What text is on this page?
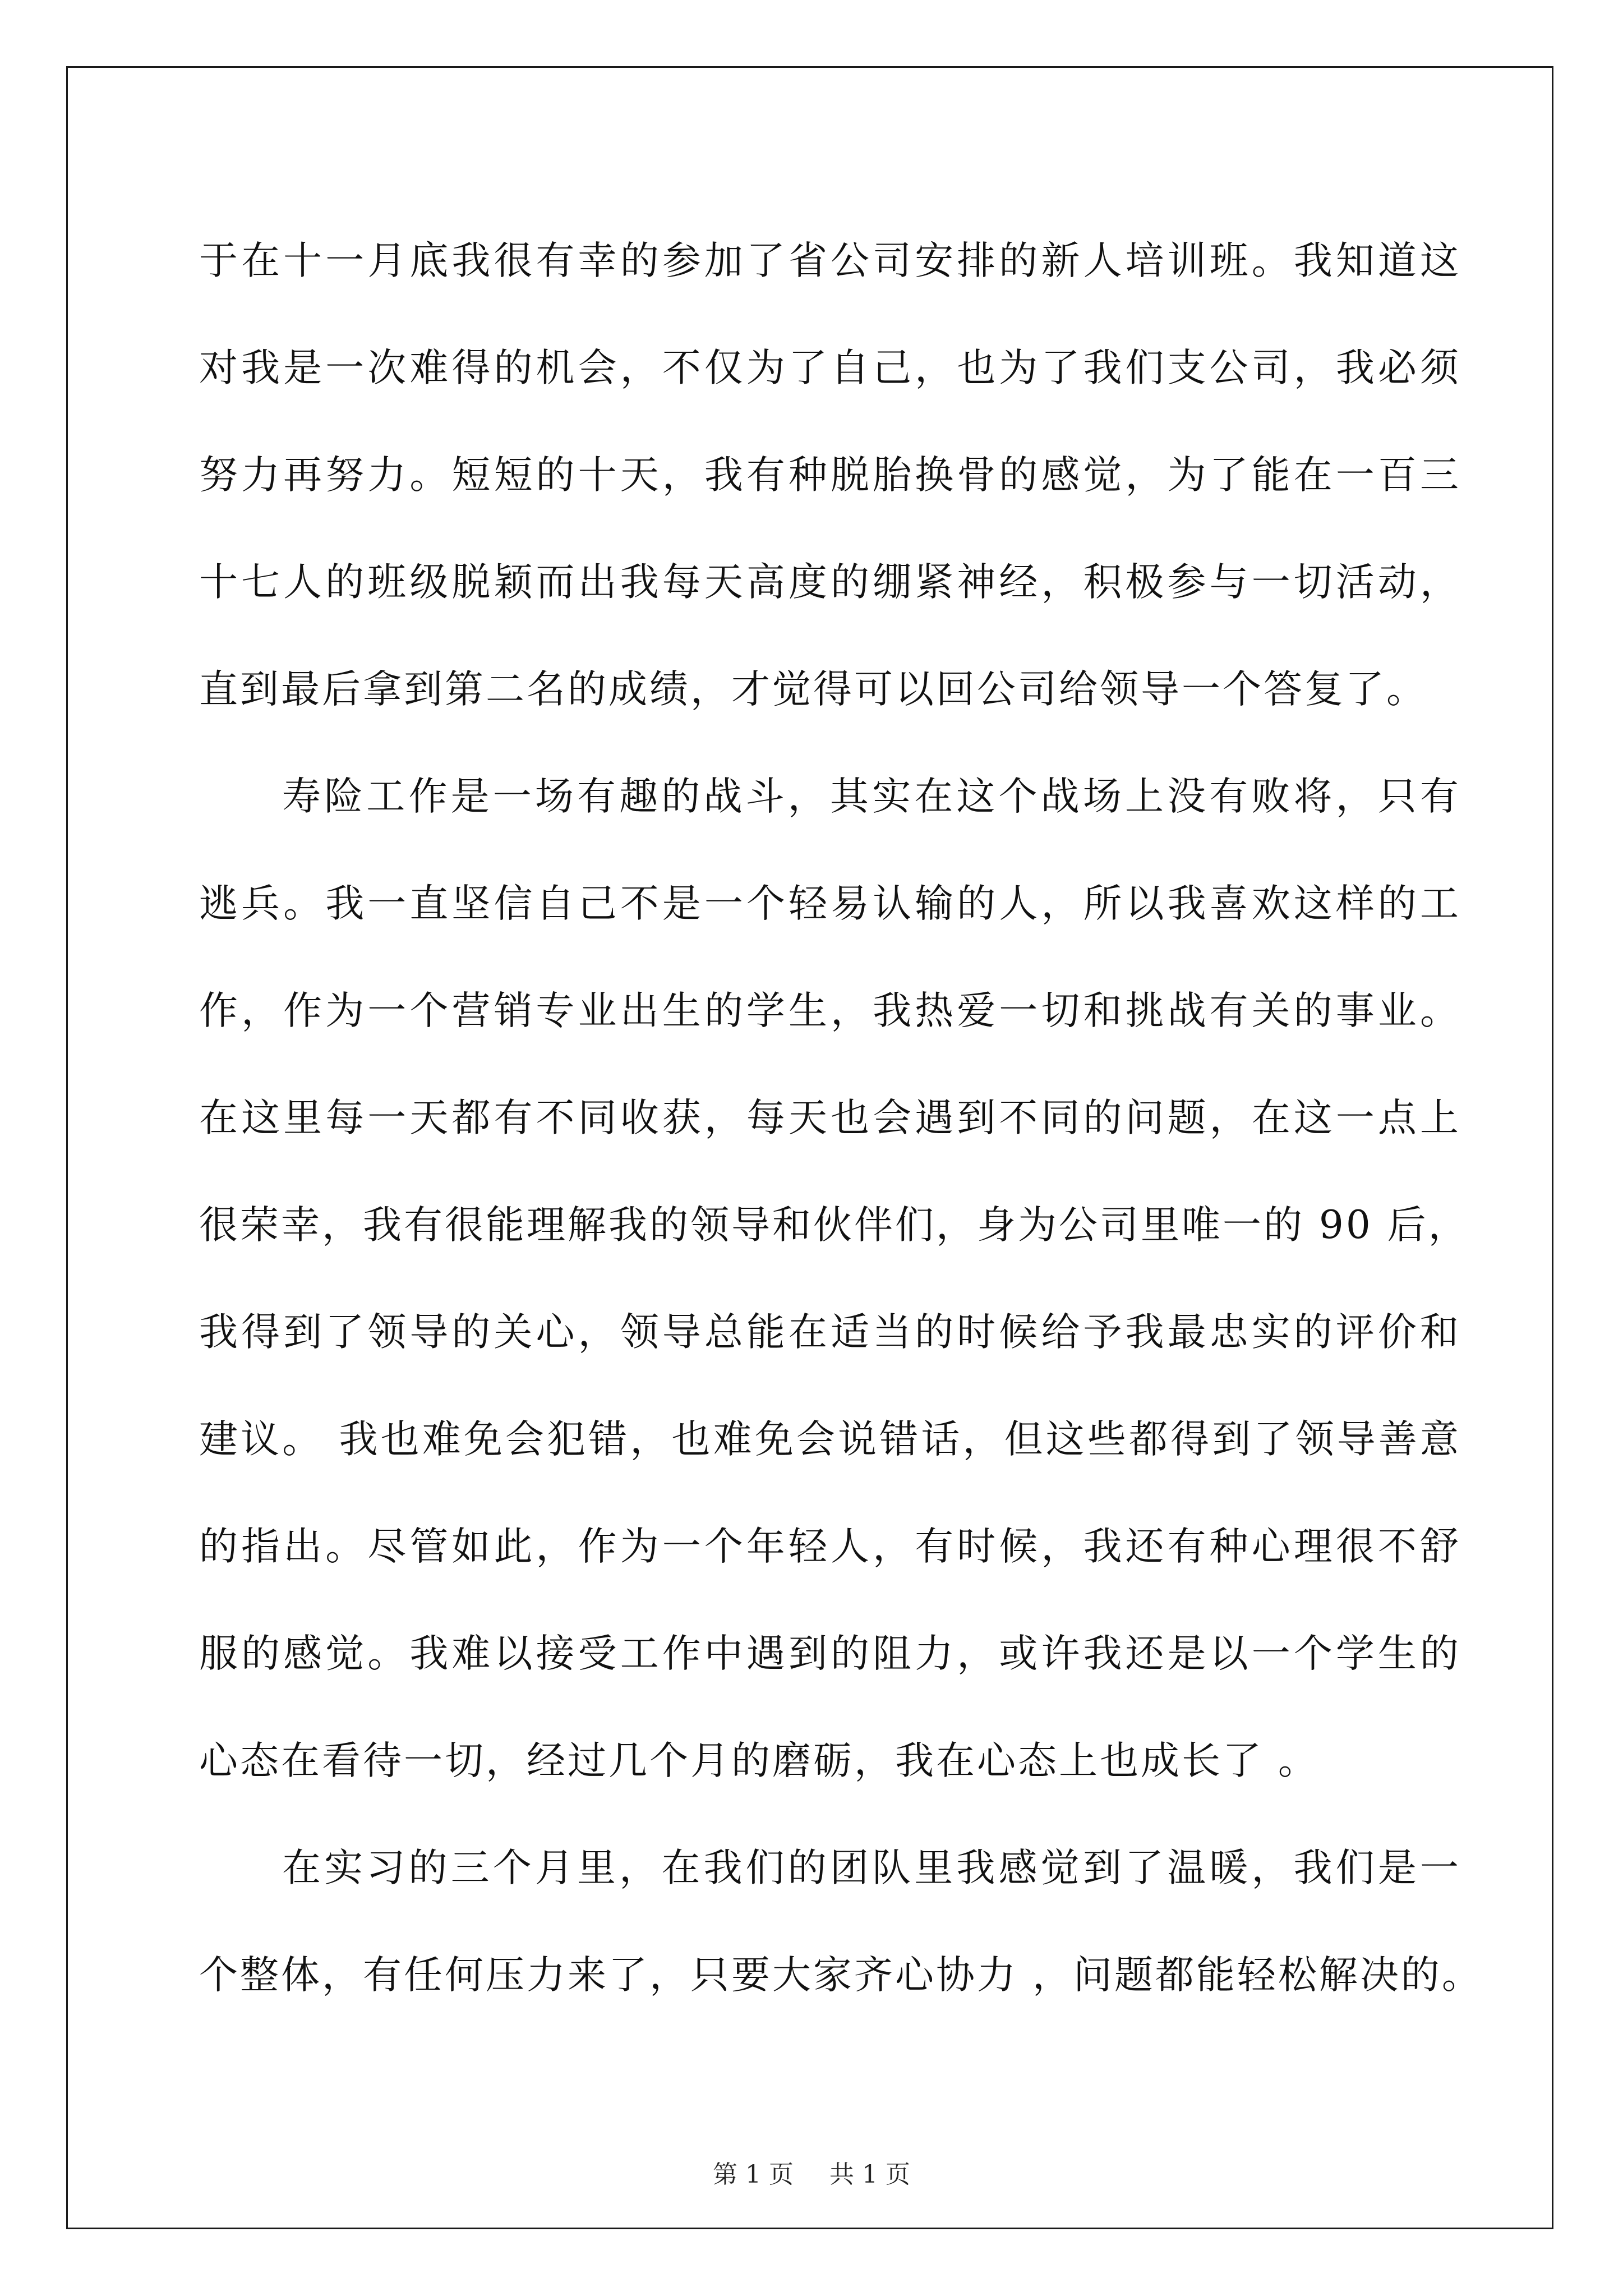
于在十一月底我很有幸的参加了省公司安排的新人培训班。我知道这
对我是一次难得的机会，不仅为了自己，也为了我们支公司，我必须
努力再努力。短短的十天，我有种脱胎换骨的感觉，为了能在一百三
十七人的班级脱颖而出我每天高度的绷紧神经，积极参与一切活动，
直到最后拿到第二名的成绩，才觉得可以回公司给领导一个答复了。
寿险工作是一场有趣的战斗，其实在这个战场上没有败将，只有
逃兵。我一直坚信自己不是一个轻易认输的人，所以我喜欢这样的工
作，作为一个营销专业出生的学生，我热爱一切和挑战有关的事业。
在这里每一天都有不同收获，每天也会遇到不同的问题，在这一点上
很荣幸，我有很能理解我的领导和伙伴们，身为公司里唯一的 90 后，
我得到了领导的关心，领导总能在适当的时候给予我最忠实的评价和
建议。 我也难免会犯错，也难免会说错话，但这些都得到了领导善意
的指出。尽管如此，作为一个年轻人，有时候，我还有种心理很不舒
服的感觉。我难以接受工作中遇到的阻力，或许我还是以一个学生的
心态在看待一切，经过几个月的磨砺，我在心态上也成长了 。
在实习的三个月里，在我们的团队里我感觉到了温暖，我们是一
个整体，有任何压力来了，只要大家齐心协力 ，问题都能轻松解决的。
第 1 页 共 1 页
